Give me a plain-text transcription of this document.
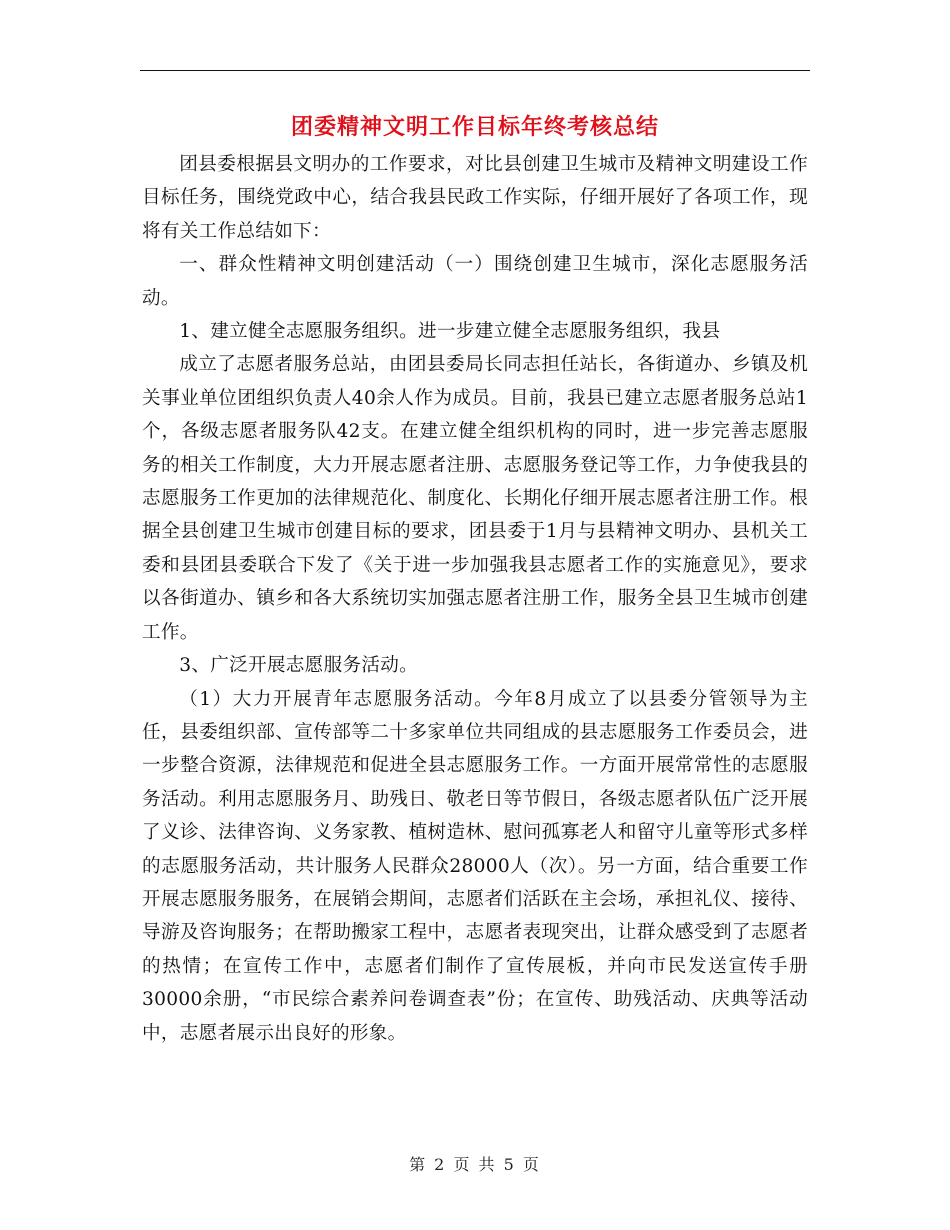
团委精神文明工作目标年终考核总结

团县委根据县文明办的工作要求，对比县创建卫生城市及精神文明建设工作目标任务，围绕党政中心，结合我县民政工作实际，仔细开展好了各项工作，现将有关工作总结如下：

一、群众性精神文明创建活动（一）围绕创建卫生城市，深化志愿服务活动。

1、建立健全志愿服务组织。进一步建立健全志愿服务组织，我县

成立了志愿者服务总站，由团县委局长同志担任站长，各街道办、乡镇及机关事业单位团组织负责人40余人作为成员。目前，我县已建立志愿者服务总站1个，各级志愿者服务队42支。在建立健全组织机构的同时，进一步完善志愿服务的相关工作制度，大力开展志愿者注册、志愿服务登记等工作，力争使我县的志愿服务工作更加的法律规范化、制度化、长期化仔细开展志愿者注册工作。根据全县创建卫生城市创建目标的要求，团县委于1月与县精神文明办、县机关工委和县团县委联合下发了《关于进一步加强我县志愿者工作的实施意见》，要求以各街道办、镇乡和各大系统切实加强志愿者注册工作，服务全县卫生城市创建工作。

3、广泛开展志愿服务活动。

（1）大力开展青年志愿服务活动。今年8月成立了以县委分管领导为主任，县委组织部、宣传部等二十多家单位共同组成的县志愿服务工作委员会，进一步整合资源，法律规范和促进全县志愿服务工作。一方面开展常常性的志愿服务活动。利用志愿服务月、助残日、敬老日等节假日，各级志愿者队伍广泛开展了义诊、法律咨询、义务家教、植树造林、慰问孤寡老人和留守儿童等形式多样的志愿服务活动，共计服务人民群众28000人（次）。另一方面，结合重要工作开展志愿服务服务，在展销会期间，志愿者们活跃在主会场，承担礼仪、接待、导游及咨询服务；在帮助搬家工程中，志愿者表现突出，让群众感受到了志愿者的热情；在宣传工作中，志愿者们制作了宣传展板，并向市民发送宣传手册30000余册，“市民综合素养问卷调查表”份；在宣传、助残活动、庆典等活动中，志愿者展示出良好的形象。

第 2 页 共 5 页
